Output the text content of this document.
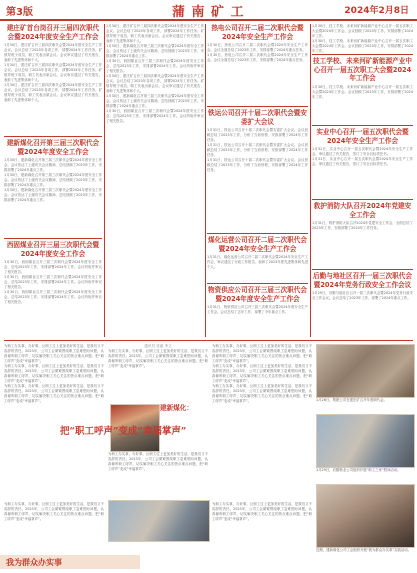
第3版	蒲 南 矿 工	2024年2月8日
建庄矿首台岗召开三届四次职代会暨2024年度安全生产工作会
1月30日，建庄矿召开三届四次职代会暨2024年度安全生产工作会议。会议总结了2023年各项工作，部署2024年工作任务。矿领导班子成员、职工代表出席会议。会议审议通过了有关报告，表彰了先进集体和个人。
1月30日，建庄矿召开三届四次职代会暨2024年度安全生产工作会议。会议总结了2023年各项工作，部署2024年工作任务。矿领导班子成员、职工代表出席会议。会议审议通过了有关报告，表彰了先进集体和个人。
1月30日，建庄矿召开三届四次职代会暨2024年度安全生产工作会议。会议总结了2023年各项工作，部署2024年工作任务。矿领导班子成员、职工代表出席会议。会议审议通过了有关报告，表彰了先进集体和个人。
建新煤化召开第三届三次职代会暨2024年度安全工作会
1月30日，建新煤化召开第三届三次职代会暨2024年度安全工作会。会议传达了上级有关会议精神，总结回顾了2023年工作，安排部署了2024年重点工作。
1月30日，建新煤化召开第三届三次职代会暨2024年度安全工作会。会议传达了上级有关会议精神，总结回顾了2023年工作，安排部署了2024年重点工作。
1月30日，建新煤化召开第三届三次职代会暨2024年度安全工作会。会议传达了上级有关会议精神，总结回顾了2023年工作，安排部署了2024年重点工作。
西固煤业召开三届三次职代会暨2024年度安全工作会
1月30日，西固煤业召开三届三次职代会暨2024年度安全工作会，总结2023年工作，安排部署2024年工作。会议听取并审议了相关报告。
1月30日，西固煤业召开三届三次职代会暨2024年度安全工作会，总结2023年工作，安排部署2024年工作。会议听取并审议了相关报告。
1月30日，西固煤业召开三届三次职代会暨2024年度安全工作会，总结2023年工作，安排部署2024年工作。会议听取并审议了相关报告。
1月30日，建庄矿召开三届四次职代会暨2024年度安全生产工作会议。会议总结了2023年各项工作，部署2024年工作任务。矿领导班子成员、职工代表出席会议。会议审议通过了有关报告，表彰了先进集体和个人。
1月30日，建新煤化召开第三届三次职代会暨2024年度安全工作会。会议传达了上级有关会议精神，总结回顾了2023年工作，安排部署了2024年重点工作。
1月30日，西固煤业召开三届三次职代会暨2024年度安全工作会，总结2023年工作，安排部署2024年工作。会议听取并审议了相关报告。
1月30日，建庄矿召开三届四次职代会暨2024年度安全生产工作会议。会议总结了2023年各项工作，部署2024年工作任务。矿领导班子成员、职工代表出席会议。会议审议通过了有关报告，表彰了先进集体和个人。
1月30日，建新煤化召开第三届三次职代会暨2024年度安全工作会。会议传达了上级有关会议精神，总结回顾了2023年工作，安排部署了2024年重点工作。
1月30日，西固煤业召开三届三次职代会暨2024年度安全工作会，总结2023年工作，安排部署2024年工作。会议听取并审议了相关报告。
热电公司召开二届二次职代会暨2024年安全生产工作会
1月30日，热电公司召开二届二次职代会暨2024年安全生产工作会。会议全面总结了2023年工作，安排部署了2024年重点任务。
1月30日，热电公司召开二届二次职代会暨2024年安全生产工作会。会议全面总结了2023年工作，安排部署了2024年重点任务。
铁运公司召开十届二次职代会暨安委扩大会议
1月31日，铁运公司召开十届二次职代会暨安委扩大会议。会议回顾总结了2023年工作，分析了当前形势，安排部署了2024年工作任务。
1月31日，铁运公司召开十届二次职代会暨安委扩大会议。会议回顾总结了2023年工作，分析了当前形势，安排部署了2024年工作任务。
1月31日，铁运公司召开十届二次职代会暨安委扩大会议。会议回顾总结了2023年工作，分析了当前形势，安排部署了2024年工作任务。
煤化运营公司召开二届二次职代会暨2024年安全生产工作会
1月31日，煤化运营公司召开二届二次职代会暨2024年安全生产工作会，审议通过了行政工作报告，表彰了2023年度先进集体和先进个人。
物资供应公司召开三届三次职代会暨2024年度安全生产工作会
1月31日，物资供应公司召开三届三次职代会暨2024年度安全生产工作会。会议总结了去年工作，部署了今年重点工作。
1月30日，技工学校、未来河矿新能源产业中心召开一届五次职工大会暨2024年工作会。会议回顾了2023年工作，安排部署了2024年工作。
1月30日，技工学校、未来河矿新能源产业中心召开一届五次职工大会暨2024年工作会。会议回顾了2023年工作，安排部署了2024年工作。
技工学校、未来河矿新能源产业中心召开一届五次职工大会暨2024年工作会
1月30日，技工学校、未来河矿新能源产业中心召开一届五次职工大会暨2024年工作会。会议回顾了2023年工作，安排部署了2024年工作。
实业中心召开一届五次职代会暨2024年安全生产工作会
1月31日，实业中心召开一届五次职代会暨2024年安全生产工作会，审议通过了有关报告，签订了安全目标责任书。
1月31日，实业中心召开一届五次职代会暨2024年安全生产工作会，审议通过了有关报告，签订了安全目标责任书。
救护消防大队召开2024年党建安全工作会
1月31日，救护消防大队召开2024年党建安全工作会，全面总结了2023年工作，安排部署了2024年工作任务。
后勤与地社区召开一届三次职代会暨2024年党务行政安全工作会议
1月29日，后勤与地社区召开一届三次职代会暨2024年党务行政安全工作会议。会议总结了2023年工作，部署了2024年重点工作。
为职工办实事，办好事，让职工过上更加美好的生活，是我们义不容辞的责任。2023年，公司工会紧紧围绕职工急难愁盼问题，认真倾听职工呼声，切实解决职工关心关注的热点难点问题，把“职工呼声”变成“幸福掌声”。
为职工办实事，办好事，让职工过上更加美好的生活，是我们义不容辞的责任。2023年，公司工会紧紧围绕职工急难愁盼问题，认真倾听职工呼声，切实解决职工关心关注的热点难点问题，把“职工呼声”变成“幸福掌声”。
为职工办实事，办好事，让职工过上更加美好的生活，是我们义不容辞的责任。2023年，公司工会紧紧围绕职工急难愁盼问题，认真倾听职工呼声，切实解决职工关心关注的热点难点问题，把“职工呼声”变成“幸福掌声”。
通讯员 张丽 李文
为职工办实事，办好事，让职工过上更加美好的生活，是我们义不容辞的责任。2023年，公司工会紧紧围绕职工急难愁盼问题，认真倾听职工呼声，切实解决职工关心关注的热点难点问题，把“职工呼声”变成“幸福掌声”。
建新煤化：
把“职工呼声”变成“幸福掌声”
为职工办实事，办好事，让职工过上更加美好的生活，是我们义不容辞的责任。2023年，公司工会紧紧围绕职工急难愁盼问题，认真倾听职工呼声，切实解决职工关心关注的热点难点问题，把“职工呼声”变成“幸福掌声”。
为职工办实事，办好事，让职工过上更加美好的生活，是我们义不容辞的责任。2023年，公司工会紧紧围绕职工急难愁盼问题，认真倾听职工呼声，切实解决职工关心关注的热点难点问题，把“职工呼声”变成“幸福掌声”。
为职工办实事，办好事，让职工过上更加美好的生活，是我们义不容辞的责任。2023年，公司工会紧紧围绕职工急难愁盼问题，认真倾听职工呼声，切实解决职工关心关注的热点难点问题，把“职工呼声”变成“幸福掌声”。
为职工办实事，办好事，让职工过上更加美好的生活，是我们义不容辞的责任。2023年，公司工会紧紧围绕职工急难愁盼问题，认真倾听职工呼声，切实解决职工关心关注的热点难点问题，把“职工呼声”变成“幸福掌声”。	1月26日，集团公司在建庄矿召开年度职代会。
1月29日，后勤物业公司组织开展“职工之家”慰问活动。
近期，建新煤化公司工会组织开展“我为群众办实事”实践活动。
为职工办实事，办好事，让职工过上更加美好的生活，是我们义不容辞的责任。2023年，公司工会紧紧围绕职工急难愁盼问题，认真倾听职工呼声，切实解决职工关心关注的热点难点问题，把“职工呼声”变成“幸福掌声”。
为职工办实事，办好事，让职工过上更加美好的生活，是我们义不容辞的责任。2023年，公司工会紧紧围绕职工急难愁盼问题，认真倾听职工呼声，切实解决职工关心关注的热点难点问题，把“职工呼声”变成“幸福掌声”。
我为群众办实事
